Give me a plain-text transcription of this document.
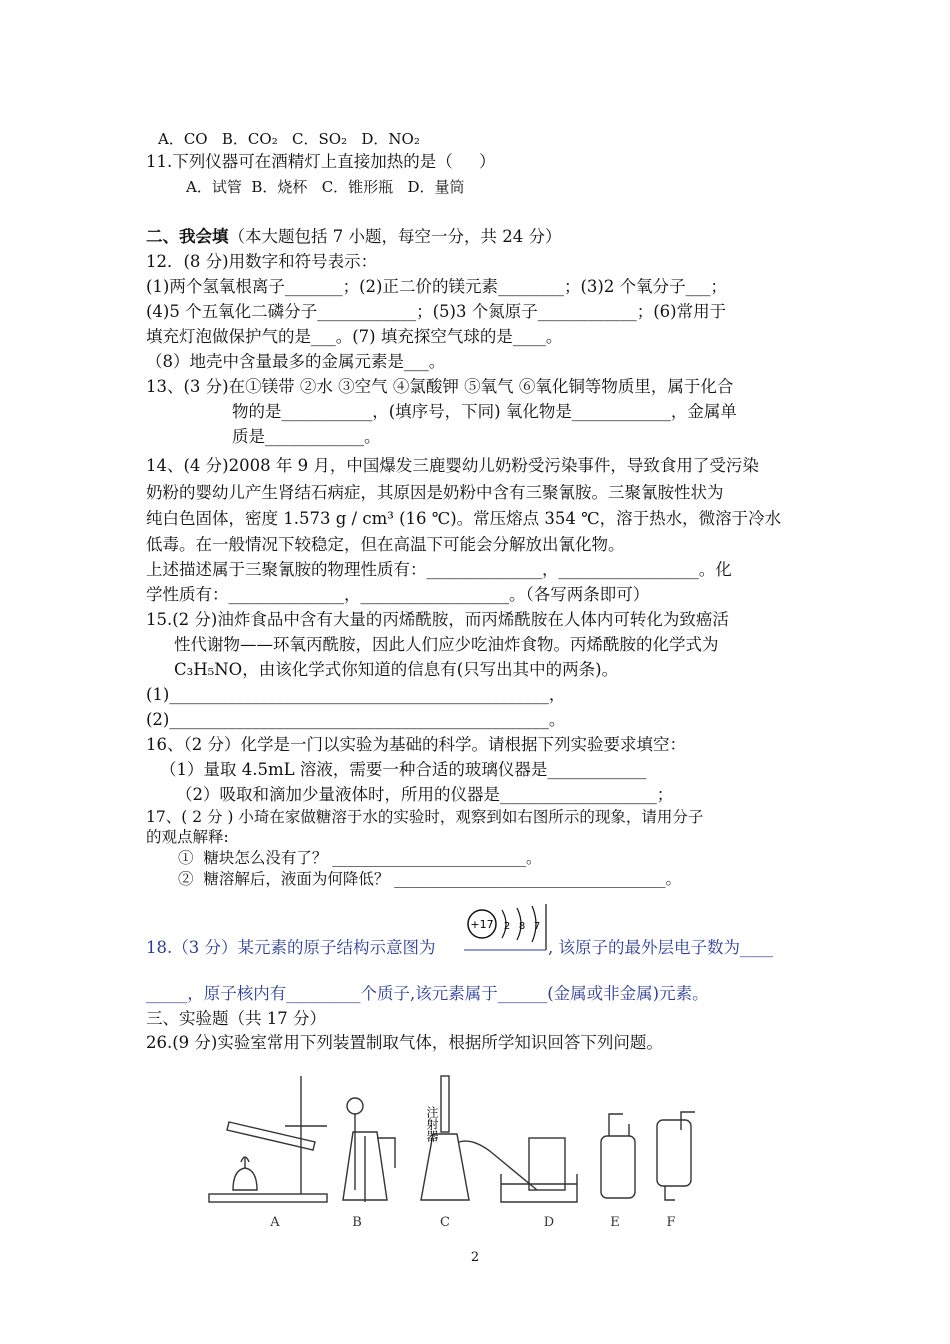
A．CO   B．CO₂   C．SO₂   D．NO₂
11.下列仪器可在酒精灯上直接加热的是（     ）
A．试管  B．烧杯   C．锥形瓶   D．量筒
二、我会填（本大题包括 7 小题，每空一分，共 24 分）
12．(8 分)用数字和符号表示：
(1)两个氢氧根离子_______；(2)正二价的镁元素________；(3)2 个氧分子___；
(4)5 个五氧化二磷分子____________；(5)3 个氮原子____________；(6)常用于
填充灯泡做保护气的是___。(7) 填充探空气球的是____。
（8）地壳中含量最多的金属元素是___。
13、(3 分)在①镁带 ②水 ③空气 ④氯酸钾 ⑤氧气 ⑥氧化铜等物质里，属于化合
物的是___________，(填序号，下同) 氧化物是____________，金属单
质是____________。
14、(4 分)2008 年 9 月，中国爆发三鹿婴幼儿奶粉受污染事件，导致食用了受污染
奶粉的婴幼儿产生肾结石病症，其原因是奶粉中含有三聚氰胺。三聚氰胺性状为
纯白色固体，密度 1.573 g / cm³ (16 ℃)。常压熔点 354 ℃，溶于热水，微溶于冷水
低毒。在一般情况下较稳定，但在高温下可能会分解放出氰化物。
上述描述属于三聚氰胺的物理性质有：______________，_________________。化
学性质有：______________，__________________。（各写两条即可）
15.(2 分)油炸食品中含有大量的丙烯酰胺，而丙烯酰胺在人体内可转化为致癌活
性代谢物——环氧丙酰胺，因此人们应少吃油炸食物。丙烯酰胺的化学式为
C₃H₅NO，由该化学式你知道的信息有(只写出其中的两条)。
(1)______________________________________________，
(2)______________________________________________。
16、（2 分）化学是一门以实验为基础的科学。请根据下列实验要求填空：
（1）量取 4.5mL 溶液，需要一种合适的玻璃仪器是____________
（2）吸取和滴加少量液体时，所用的仪器是___________________；
17、( 2 分 ) 小琦在家做糖溶于水的实验时，观察到如右图所示的现象，请用分子
的观点解释:
①  糖块怎么没有了？ _________________________。
②  糖溶解后，液面为何降低？ ___________________________________。
18.（3 分）某元素的原子结构示意图为
+17 2 8 7
, 该原子的最外层电子数为____
_____，原子核内有_________个质子,该元素属于______(金属或非金属)元素。
三、实验题（共 17 分）
26.(9 分)实验室常用下列装置制取气体，根据所学知识回答下列问题。
注射器
A	B	C	D	E	F
2
